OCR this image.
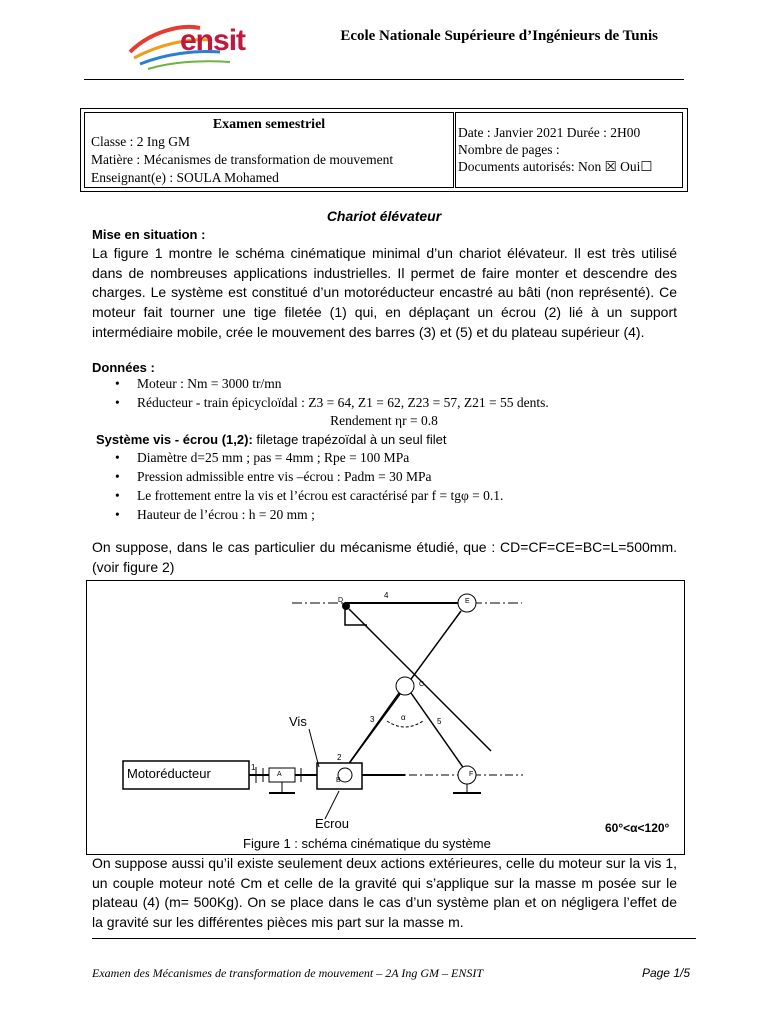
ensit	Ecole Nationale Supérieure d’Ingénieurs de Tunis
Examen semestriel
Classe : 2 Ing GM
Matière : Mécanismes de transformation de mouvement
Enseignant(e) : SOULA Mohamed
Date : Janvier 2021 Durée : 2H00
Nombre de pages :
Documents autorisés: Non ☒ Oui☐
Chariot élévateur
Mise en situation :
La figure 1 montre le schéma cinématique minimal d’un chariot élévateur. Il est très utilisé dans de nombreuses applications industrielles. Il permet de faire monter et descendre des charges. Le système est constitué d’un motoréducteur encastré au bâti (non représenté). Ce moteur fait tourner une tige filetée (1) qui, en déplaçant un écrou (2) lié à un support intermédiaire mobile, crée le mouvement des barres (3) et (5) et du plateau supérieur (4).
Données :
• Moteur : Nm = 3000 tr/mn
• Réducteur - train épicycloïdal : Z3 = 64, Z1 = 62, Z23 = 57, Z21 = 55 dents.
Rendement ηr = 0.8
Système vis - écrou (1,2): filetage trapézoïdal à un seul filet
• Diamètre d=25 mm ; pas = 4mm ; Rpe = 100 MPa
• Pression admissible entre vis –écrou : Padm = 30 MPa
• Le frottement entre la vis et l’écrou est caractérisé par f = tgφ = 0.1.
• Hauteur de l’écrou : h = 20 mm ;
On suppose, dans le cas particulier du mécanisme étudié, que : CD=CF=CE=BC=L=500mm.(voir figure 2)
Motoréducteur
Vis
Ecrou
D	E
C
B
A	F
1
2
3
4
5
α
Figure 1 : schéma cinématique du système
60°<α<120°
On suppose aussi qu’il existe seulement deux actions extérieures, celle du moteur sur la vis 1, un couple moteur noté Cm et celle de la gravité qui s’applique sur la masse m posée sur le plateau (4) (m= 500Kg). On se place dans le cas d’un système plan et on négligera l’effet de la gravité sur les différentes pièces mis part sur la masse m.
Examen des Mécanismes de transformation de mouvement – 2A Ing GM – ENSIT	Page 1/5
